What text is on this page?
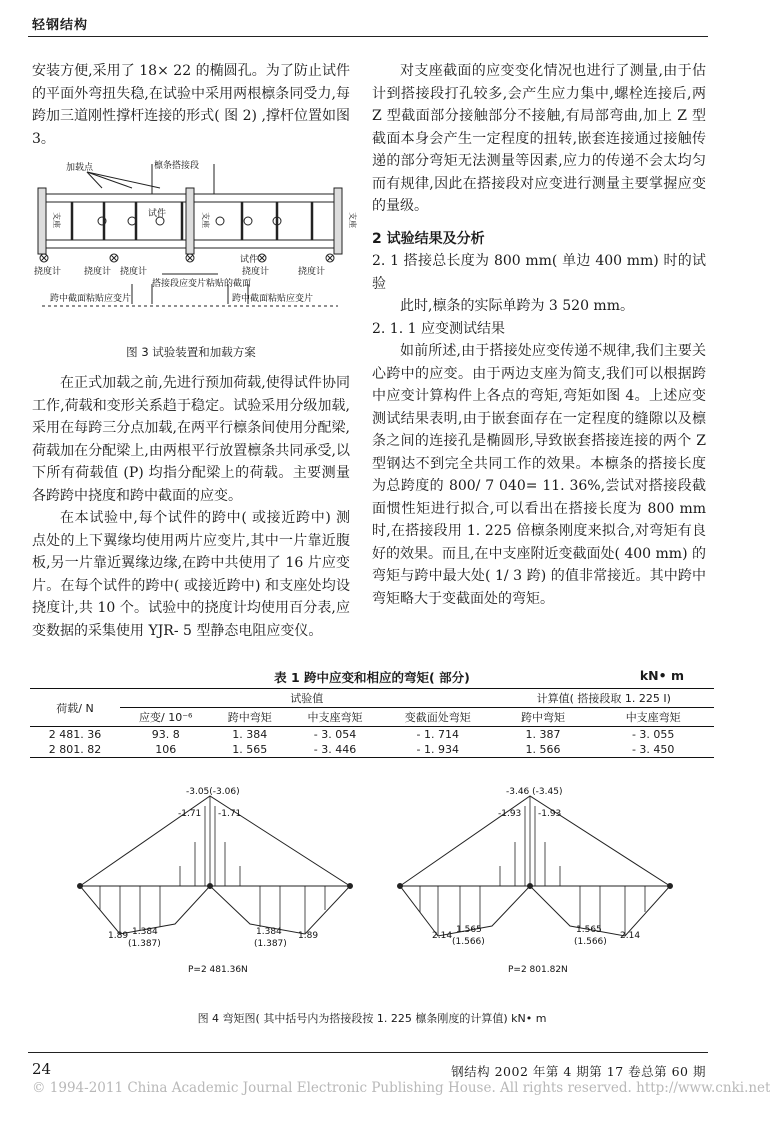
轻钢结构

安装方便,采用了 18× 22 的椭圆孔。为了防止试件的平面外弯扭失稳,在试验中采用两根檩条同受力,每跨加三道刚性撑杆连接的形式( 图 2) ,撑杆位置如图 3。

加载点	檩条搭接段
试件
试件
挠度计	挠度计 挠度计	挠度计	挠度计
搭接段应变片粘贴的截面
跨中截面粘贴应变片	跨中截面粘贴应变片
支座	支座	支座
图 3 试验装置和加载方案

在正式加载之前,先进行预加荷载,使得试件协同工作,荷载和变形关系趋于稳定。试验采用分级加载,采用在每跨三分点加载,在两平行檩条间使用分配梁,荷载加在分配梁上,由两根平行放置檩条共同承受,以下所有荷载值 (P) 均指分配梁上的荷载。主要测量各跨跨中挠度和跨中截面的应变。

在本试验中,每个试件的跨中( 或接近跨中) 测点处的上下翼缘均使用两片应变片,其中一片靠近腹板,另一片靠近翼缘边缘,在跨中共使用了 16 片应变片。在每个试件的跨中( 或接近跨中) 和支座处均设挠度计,共 10 个。试验中的挠度计均使用百分表,应变数据的采集使用 YJR- 5 型静态电阻应变仪。

对支座截面的应变变化情况也进行了测量,由于估计到搭接段打孔较多,会产生应力集中,螺栓连接后,两 Z 型截面部分接触部分不接触,有局部弯曲,加上 Z 型截面本身会产生一定程度的扭转,嵌套连接通过接触传递的部分弯矩无法测量等因素,应力的传递不会太均匀而有规律,因此在搭接段对应变进行测量主要掌握应变的量级。

2 试验结果及分析

2. 1 搭接总长度为 800 mm( 单边 400 mm) 时的试验

此时,檩条的实际单跨为 3 520 mm。

2. 1. 1 应变测试结果

如前所述,由于搭接处应变传递不规律,我们主要关心跨中的应变。由于两边支座为简支,我们可以根据跨中应变计算构件上各点的弯矩,弯矩如图 4。上述应变测试结果表明,由于嵌套面存在一定程度的缝隙以及檩条之间的连接孔是椭圆形,导致嵌套搭接连接的两个 Z 型钢达不到完全共同工作的效果。本檩条的搭接长度为总跨度的 800/ 7 040= 11. 36%,尝试对搭接段截面惯性矩进行拟合,可以看出在搭接长度为 800 mm 时,在搭接段用 1. 225 倍檩条刚度来拟合,对弯矩有良好的效果。而且,在中支座附近变截面处( 400 mm) 的弯矩与跨中最大处( 1/ 3 跨) 的值非常接近。其中跨中弯矩略大于变截面处的弯矩。

表 1 跨中应变和相应的弯矩( 部分)	kN• m
荷载/ N	试验值				计算值( 搭接段取 1. 225 I)	
	应变/ 10⁻⁶	跨中弯矩	中支座弯矩	变截面处弯矩	跨中弯矩	中支座弯矩
2 481. 36	93. 8	1. 384	- 3. 054	- 1. 714	1. 387	- 3. 055
2 801. 82	106	1. 565	- 3. 446	- 1. 934	1. 566	- 3. 450
-3.05(-3.06)
-1.71 -1.71
1.89 1.384
(1.387)
1.384
(1.387)
1.89
P=2 481.36N
-3.46 (-3.45)
-1.93 -1.93
2.14
1.565
(1.566)
1.565
(1.566)
2.14
P=2 801.82N
图 4 弯矩图( 其中括号内为搭接段按 1. 225 檩条刚度的计算值) kN• m
24	钢结构 2002 年第 4 期第 17 卷总第 60 期
© 1994-2011 China Academic Journal Electronic Publishing House. All rights reserved. http://www.cnki.net
